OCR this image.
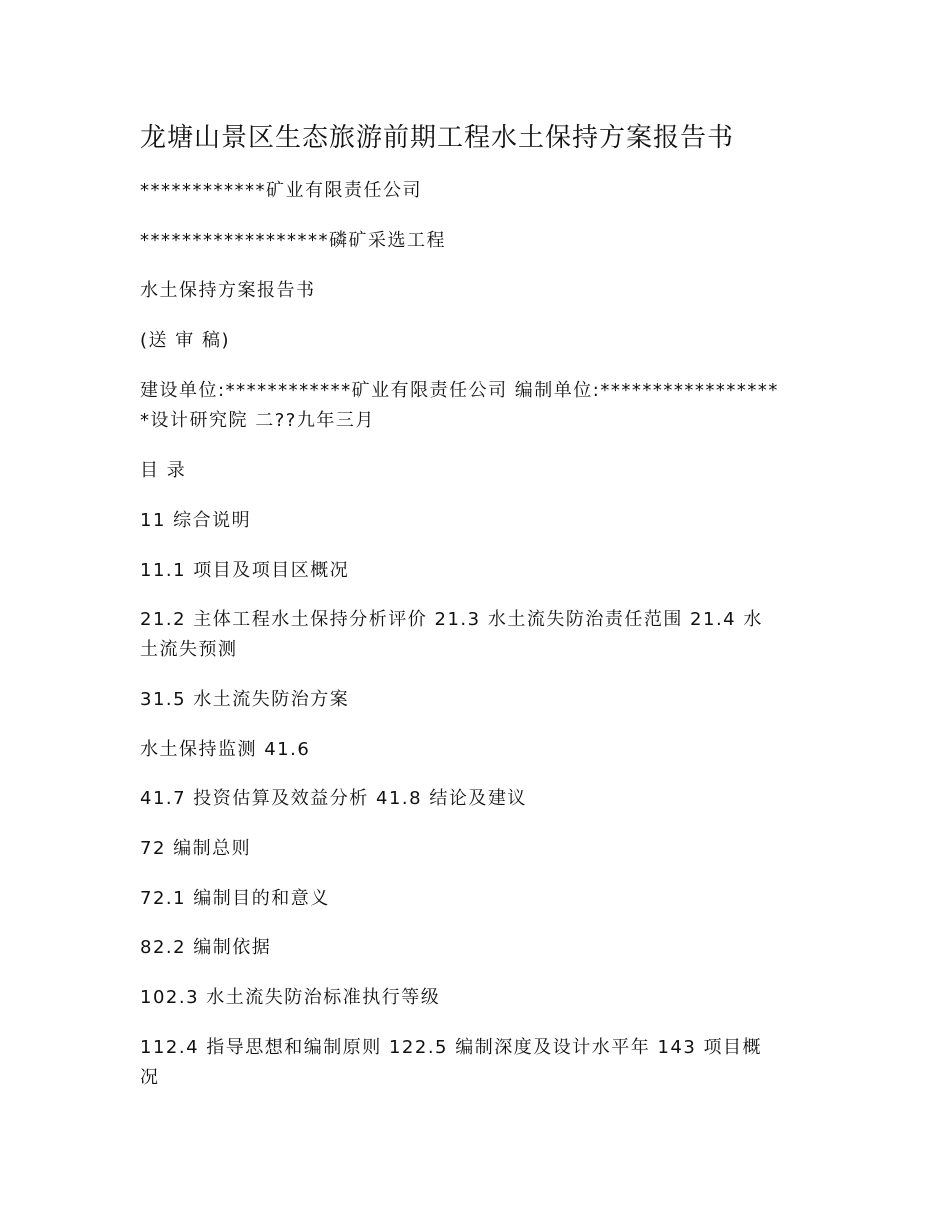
龙塘山景区生态旅游前期工程水土保持方案报告书
************矿业有限责任公司
******************磷矿采选工程
水土保持方案报告书
(送 审 稿)
建设单位:************矿业有限责任公司 编制单位:*****************
*设计研究院 二??九年三月
目 录
11 综合说明
11.1 项目及项目区概况
21.2 主体工程水土保持分析评价 21.3 水土流失防治责任范围 21.4 水
土流失预测
31.5 水土流失防治方案
水土保持监测 41.6
41.7 投资估算及效益分析 41.8 结论及建议
72 编制总则
72.1 编制目的和意义
82.2 编制依据
102.3 水土流失防治标准执行等级
112.4 指导思想和编制原则 122.5 编制深度及设计水平年 143 项目概
况
